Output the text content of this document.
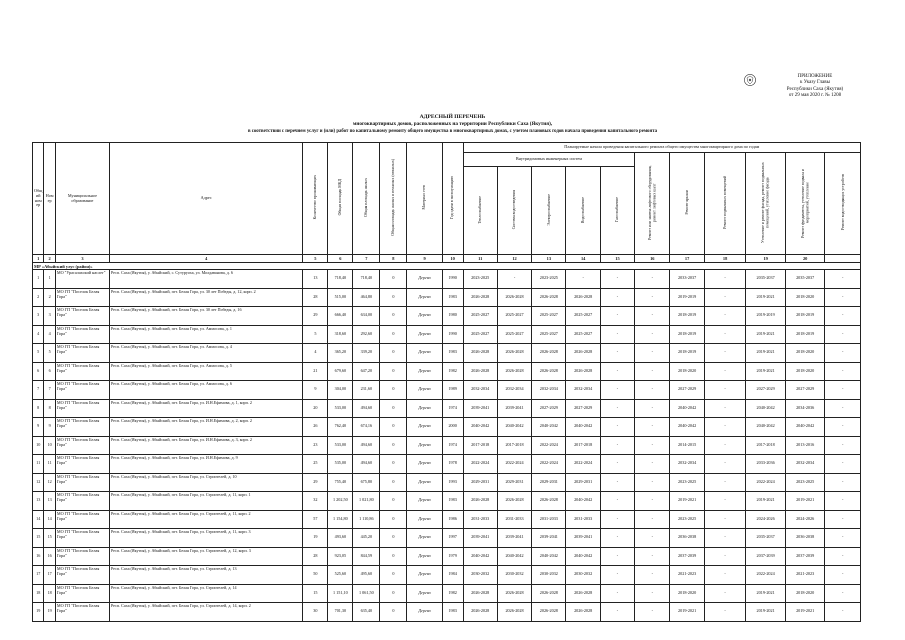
ПРИЛОЖЕНИЕ
к Указу Главы
Республики Саха (Якутия)
от 29 мая 2020 г. № 1208
АДРЕСНЫЙ ПЕРЕЧЕНЬ
многоквартирных домов, расположенных на территории Республики Саха (Якутия),
в соответствии с перечнем услуг и (или) работ по капитальному ремонту общего имущества в многоквартирных домах, с учетом плановых годов начала проведения капитального ремонта
Общ ий ном ер	Ном ер	Муниципальное образование	Адрес	Количество проживающих	Общая площадь МКД	Общая площадь жилых	Общая площадь жилых и нежилых (нежилых)	Материал стен	Год сдачи в эксплуатацию	Планируемые начала проведения капитального ремонта общего имущества многоквартирного дома по годам										
										Внутридомовых инженерных систем					Ремонт или замена лифтового оборудования, ремонт лифтовых шахт	Ремонт крыши	Ремонт подвальных помещений	Утепление и ремонт фасада, ремонт подвальных помещений, утепление фасада	Ремонт фундамента, утепление подвала и мероприятий, утепление	Ремонт водоотводящих устройств
										Теплоснабжение	Система водоотведения	Электроснабжение	Водоснабжение	Газоснабжение						
1	2	3	4	5	6	7	8	9	10	11	12	13	14	15	16	17	18	19	20	
МР «Абыйский улус (район)»																				
1	1	МО "Урасалахский наслег"	Респ. Саха (Якутия), у. Абыйский, с. Сутуруоха, ул. Молдаванова, д. 6	13	718,40	718,40	0	Дерево	1990	2023-2025	-	2023-2025	-	-	-	2033-2037	-	2035-2037	2035-2037	-
2	2	МО ГП "Поселок Белая Гора"	Респ. Саха (Якутия), у. Абыйский, пгт. Белая Гора, ул. 30 лет Победы, д. 12, корп. 2	28	515,00	464,80	0	Дерево	1983	2026-2028	2026-2028	2026-2028	2026-2028	-	-	2019-2019	-	2019-2021	2018-2020	-
3	3	МО ГП "Поселок Белая Гора"	Респ. Саха (Якутия), у. Абыйский, пгт. Белая Гора, ул. 30 лет Победы, д. 16	29	666,40	634,00	0	Дерево	1980	2025-2027	2025-2027	2025-2027	2025-2027	-	-	2018-2019	-	2019-2019	2018-2019	-
4	4	МО ГП "Поселок Белая Гора"	Респ. Саха (Якутия), у. Абыйский, пгт. Белая Гора, ул. Аммосова, д. 1	5	318,60	292,60	0	Дерево	1990	2025-2027	2025-2027	2025-2027	2025-2027	-	-	2018-2019	-	2019-2021	2018-2019	-
5	5	МО ГП "Поселок Белая Гора"	Респ. Саха (Якутия), у. Абыйский, пгт. Белая Гора, ул. Аммосова, д. 4	4	365,20	339,20	0	Дерево	1983	2026-2028	2026-2028	2026-2028	2026-2028	-	-	2018-2019	-	2019-2021	2018-2020	-
6	6	МО ГП "Поселок Белая Гора"	Респ. Саха (Якутия), у. Абыйский, пгт. Белая Гора, ул. Аммосова, д. 5	21	679,60	647,20	0	Дерево	1982	2026-2028	2026-2028	2026-2028	2026-2028	-	-	2018-2020	-	2019-2021	2018-2020	-
7	7	МО ГП "Поселок Белая Гора"	Респ. Саха (Якутия), у. Абыйский, пгт. Белая Гора, ул. Аммосова, д. 6	9	304,00	231,60	0	Дерево	1989	2032-2034	2032-2034	2032-2034	2032-2034	-	-	2027-2029	-	2027-2029	2027-2029	-
8	8	МО ГП "Поселок Белая Гора"	Респ. Саха (Якутия), у. Абыйский, пгт. Белая Гора, ул. И.Н.Ефимова, д. 1, корп. 2	20	533,00	494,60	0	Дерево	1974	2039-2041	2039-2041	2027-2029	2027-2029	-	-	2040-2042	-	2040-2042	2034-2036	-
9	9	МО ГП "Поселок Белая Гора"	Респ. Саха (Якутия), у. Абыйский, пгт. Белая Гора, ул. И.Н.Ефимова, д. 2, корп. 2	26	762,40	674,16	0	Дерево	2000	2040-2042	2040-2042	2040-2042	2040-2042	-	-	2040-2042	-	2040-2042	2040-2042	-
10	10	МО ГП "Поселок Белая Гора"	Респ. Саха (Якутия), у. Абыйский, пгт. Белая Гора, ул. И.Н.Ефимова, д. 3, корп. 2	23	533,00	494,60	0	Дерево	1974	2017-2018	2017-2018	2022-2024	2017-2018	-	-	2014-2015	-	2017-2018	2013-2016	-
11	11	МО ГП "Поселок Белая Гора"	Респ. Саха (Якутия), у. Абыйский, пгт. Белая Гора, ул. И.Н.Ефимова, д. 9	25	535,00	494,60	0	Дерево	1978	2022-2024	2022-2024	2022-2024	2022-2024	-	-	2032-2034	-	2033-2036	2032-2034	-
12	12	МО ГП "Поселок Белая Гора"	Респ. Саха (Якутия), у. Абыйский, пгт. Белая Гора, ул. Строителей, д. 10	29	755,40	675,80	0	Дерево	1993	2029-2031	2029-2031	2029-2031	2029-2031	-	-	2023-2025	-	2022-2024	2023-2025	-
13	13	МО ГП "Поселок Белая Гора"	Респ. Саха (Якутия), у. Абыйский, пгт. Белая Гора, ул. Строителей, д. 11, корп. 1	32	1 202,50	1 021,80	0	Дерево	1983	2026-2028	2026-2028	2026-2028	2040-2042	-	-	2019-2021	-	2019-2021	2019-2021	-
14	14	МО ГП "Поселок Белая Гора"	Респ. Саха (Якутия), у. Абыйский, пгт. Белая Гора, ул. Строителей, д. 11, корп. 2	57	1 154,80	1 110,86	0	Дерево	1986	2031-2033	2031-2033	2031-2033	2031-2033	-	-	2023-2025	-	2024-2026	2024-2026	-
15	15	МО ГП "Поселок Белая Гора"	Респ. Саха (Якутия), у. Абыйский, пгт. Белая Гора, ул. Строителей, д. 11, корп. 3	19	493,60	445,20	0	Дерево	1997	2039-2041	2039-2041	2039-2041	2039-2041	-	-	2036-2038	-	2035-2037	2036-2038	-
16	16	МО ГП "Поселок Белая Гора"	Респ. Саха (Якутия), у. Абыйский, пгт. Белая Гора, ул. Строителей, д. 12, корп. 3	28	923,05	844,59	0	Дерево	1979	2040-2042	2040-2042	2040-2042	2040-2042	-	-	2037-2039	-	2037-2039	2037-2039	-
17	17	МО ГП "Поселок Белая Гора"	Респ. Саха (Якутия), у. Абыйский, пгт. Белая Гора, ул. Строителей, д. 13	50	525,60	495,60	0	Дерево	1984	2030-2032	2030-2032	2030-2032	2030-2032	-	-	2021-2023	-	2022-2024	2021-2023	-
18	18	МО ГП "Поселок Белая Гора"	Респ. Саха (Якутия), у. Абыйский, пгт. Белая Гора, ул. Строителей, д. 14	15	1 151,10	1 061,50	0	Дерево	1982	2026-2028	2026-2028	2026-2028	2026-2028	-	-	2018-2020	-	2019-2021	2018-2020	-
19	19	МО ГП "Поселок Белая Гора"	Респ. Саха (Якутия), у. Абыйский, пгт. Белая Гора, ул. Строителей, д. 14, корп. 2	30	701,30	635,40	0	Дерево	1983	2026-2028	2026-2028	2026-2028	2026-2028	-	-	2019-2021	-	2019-2021	2019-2021	-
